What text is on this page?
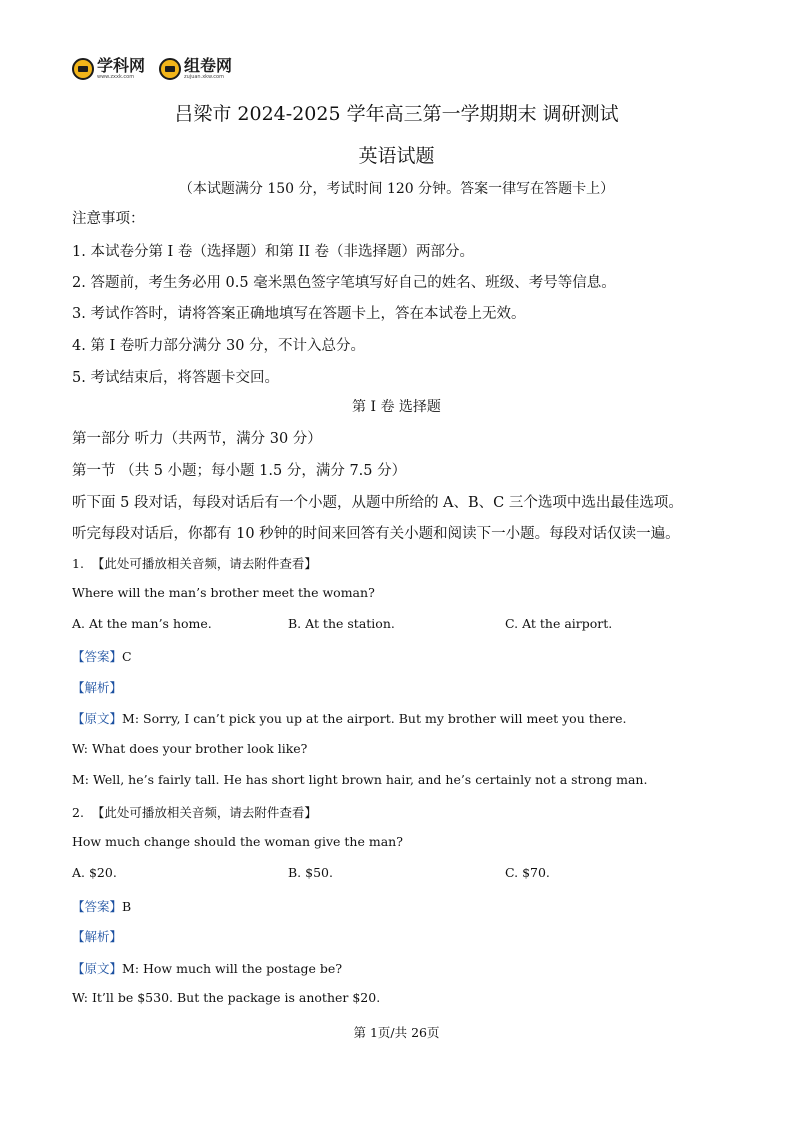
学科网
www.zxxk.com
组卷网
zujuan.xkw.com
吕梁市 2024-2025 学年高三第一学期期末 调研测试
英语试题
（本试题满分 150 分，考试时间 120 分钟。答案一律写在答题卡上）
注意事项：
1. 本试卷分第 I 卷（选择题）和第 II 卷（非选择题）两部分。
2. 答题前，考生务必用 0.5 毫米黑色签字笔填写好自己的姓名、班级、考号等信息。
3. 考试作答时，请将答案正确地填写在答题卡上，答在本试卷上无效。
4. 第 I 卷听力部分满分 30 分，不计入总分。
5. 考试结束后，将答题卡交回。
第 I 卷 选择题
第一部分 听力（共两节，满分 30 分）
第一节 （共 5 小题；每小题 1.5 分，满分 7.5 分）
听下面 5 段对话，每段对话后有一个小题，从题中所给的 A、B、C 三个选项中选出最佳选项。
听完每段对话后，你都有 10 秒钟的时间来回答有关小题和阅读下一小题。每段对话仅读一遍。
1. 【此处可播放相关音频，请去附件查看】
Where will the man’s brother meet the woman?
A. At the man’s home.	B. At the station.	C. At the airport.
【答案】C
【解析】
【原文】M: Sorry, I can’t pick you up at the airport. But my brother will meet you there.
W: What does your brother look like?
M: Well, he’s fairly tall. He has short light brown hair, and he’s certainly not a strong man.
2. 【此处可播放相关音频，请去附件查看】
How much change should the woman give the man?
A. $20.	B. $50.	C. $70.
【答案】B
【解析】
【原文】M: How much will the postage be?
W: It’ll be $530. But the package is another $20.
第 1页/共 26页
